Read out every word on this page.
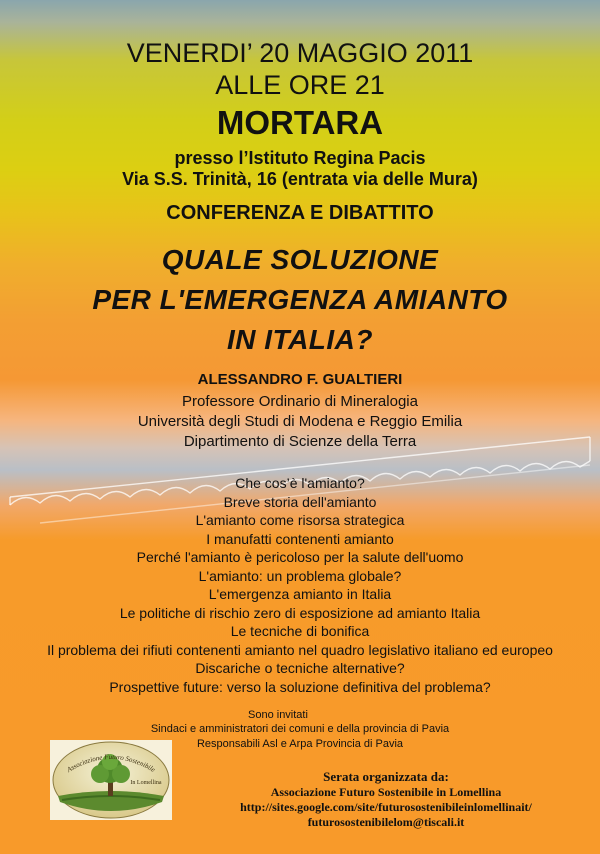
VENERDI’ 20 MAGGIO 2011
ALLE ORE 21
MORTARA
presso l’Istituto Regina Pacis
Via S.S. Trinità, 16 (entrata via delle Mura)
CONFERENZA E DIBATTITO
QUALE SOLUZIONE
PER L'EMERGENZA AMIANTO
IN ITALIA?
ALESSANDRO F. GUALTIERI
Professore Ordinario di Mineralogia
Università degli Studi di Modena e Reggio Emilia
Dipartimento di Scienze della Terra
Che cos’è l'amianto?
Breve storia dell'amianto
L'amianto come risorsa strategica
I manufatti contenenti amianto
Perché l'amianto è pericoloso per la salute dell'uomo
L'amianto: un problema globale?
L'emergenza amianto in Italia
Le politiche di rischio zero di esposizione ad amianto Italia
Le tecniche di bonifica
Il problema dei rifiuti contenenti amianto nel quadro legislativo italiano ed europeo
Discariche o tecniche alternative?
Prospettive future: verso la soluzione definitiva del problema?
Sono invitati
Sindaci e amministratori dei comuni e della provincia di Pavia
Responsabili Asl e Arpa Provincia di Pavia
Associazione Futuro Sostenibile
In Lomellina	Serata organizzata da:
Associazione Futuro Sostenibile in Lomellina
http://sites.google.com/site/futurosostenibileinlomellinait/
futurosostenibilelom@tiscali.it
